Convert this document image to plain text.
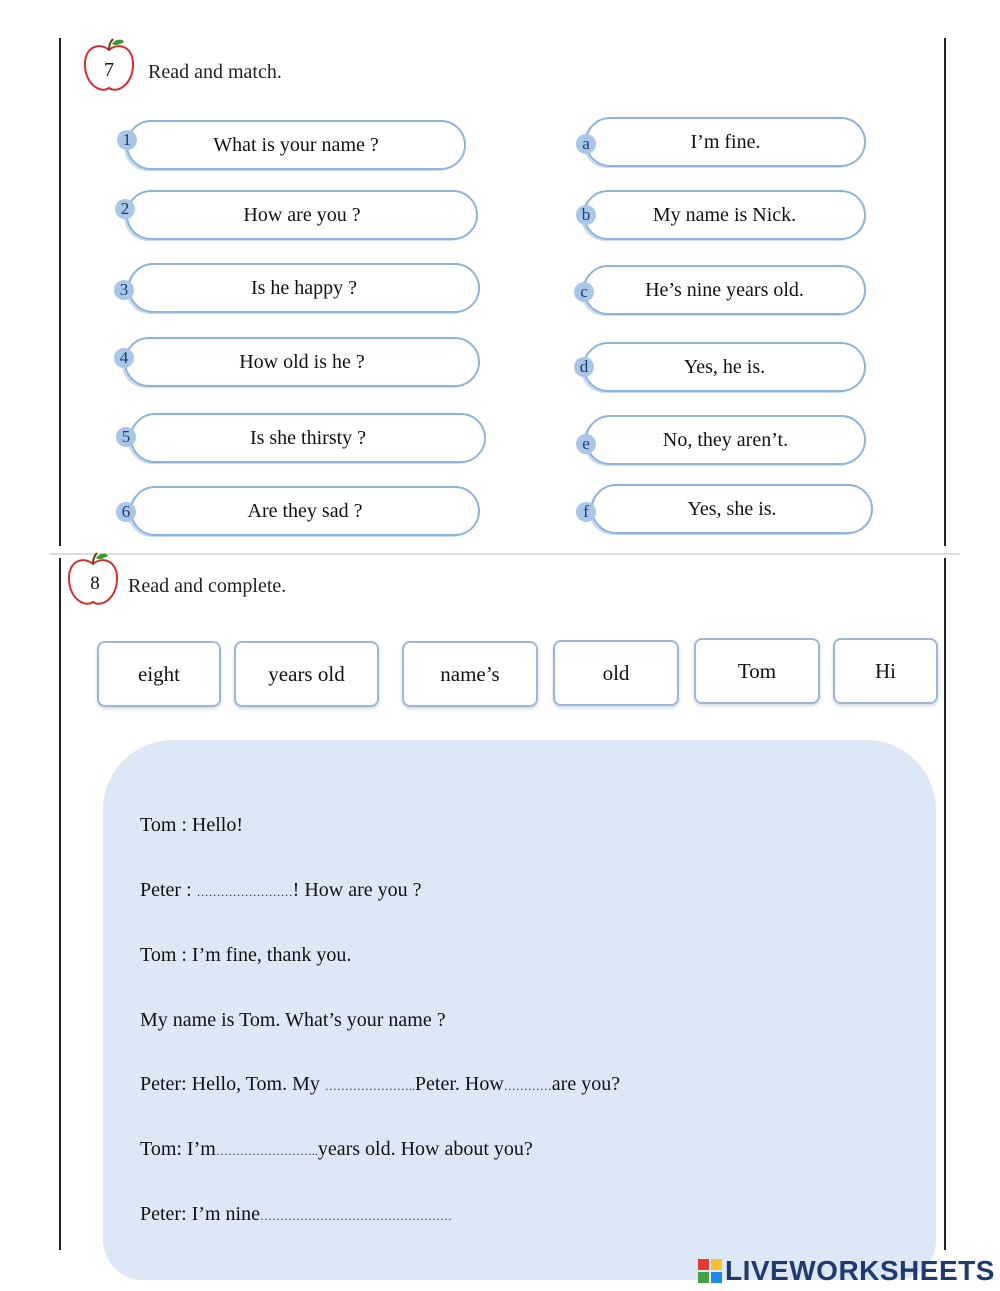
7 Read and match.
What is your name ?
1
How are you ?
2
Is he happy ?
3
How old is he ?
4
Is she thirsty ?
5
Are they sad ?
6
I’m fine.
a
My name is Nick.
b
He’s nine years old.
c
Yes, he is.
d
No, they aren’t.
e
Yes, she is.
f
8 Read and complete.
eight	years old	name’s	old	Tom	Hi
Tom : Hello!
Peter : ……………………! How are you ?
Tom : I’m fine, thank you.
My name is Tom. What’s your name ?
Peter: Hello, Tom. My …………………..Peter. How…………are you?
Tom: I’m……………………..years old. How about you?
Peter: I’m nine…………………………………………
LIVEWORKSHEETS
